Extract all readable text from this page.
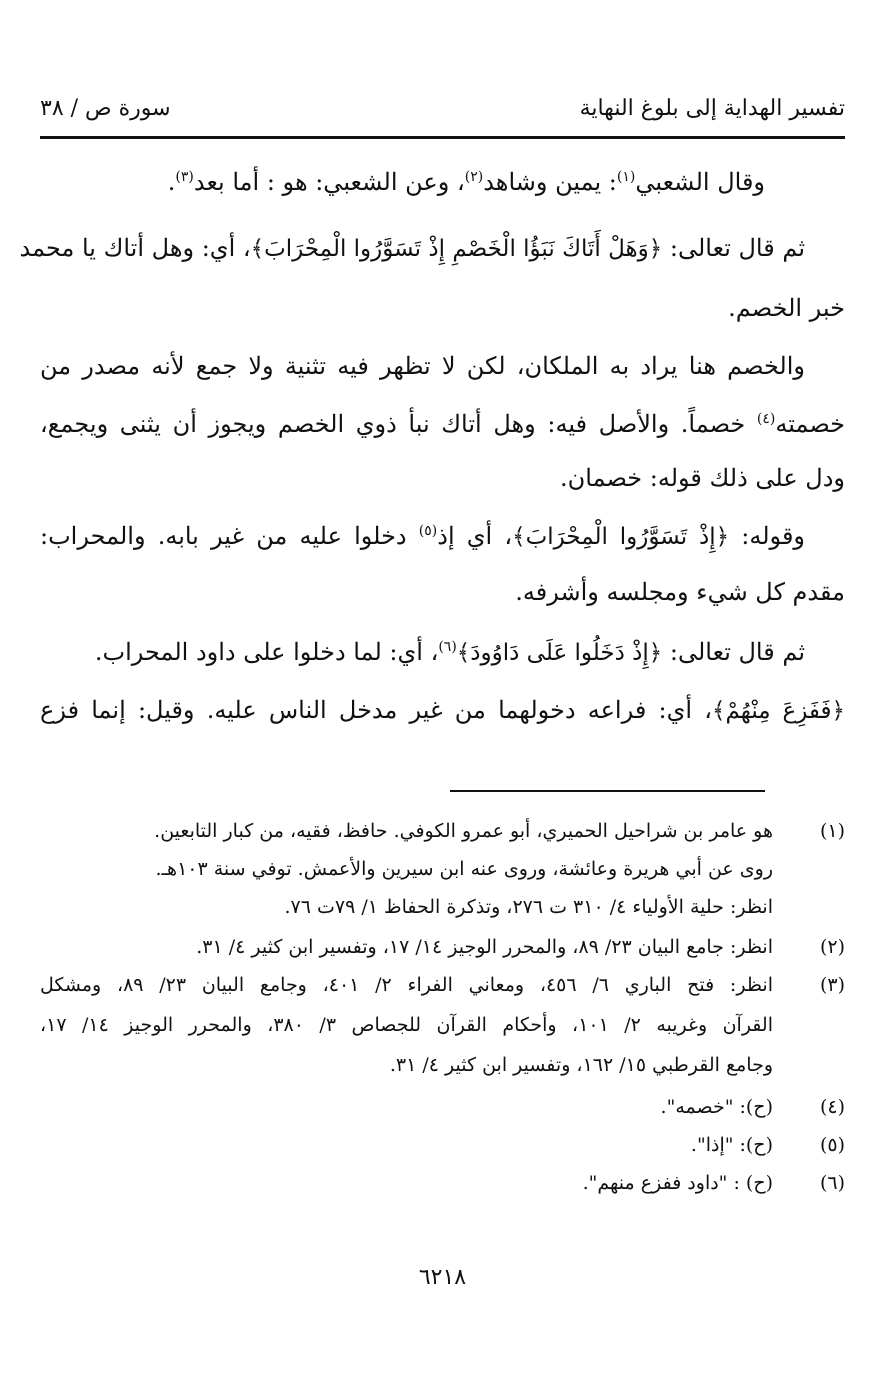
تفسير الهداية إلى بلوغ النهاية
سورة ص / ٣٨
وقال الشعبي$^{(١)}$: يمين وشاهد$^{(٢)}$، وعن الشعبي: هو : أما بعد$^{(٣)}$.
ثم قال تعالى: ﴿وَهَلْ أَتَاكَ نَبَؤُا الْخَصْمِ إِذْ تَسَوَّرُوا الْمِحْرَابَ﴾، أي: وهل أتاك يا محمد
خبر الخصم.
والخصم هنا يراد به الملكان، لكن لا تظهر فيه تثنية ولا جمع لأنه مصدر من
خصمته$^{(٤)}$ خصماً. والأصل فيه: وهل أتاك نبأ ذوي الخصم ويجوز أن يثنى ويجمع،
ودل على ذلك قوله: خصمان.
وقوله: ﴿إِذْ تَسَوَّرُوا الْمِحْرَابَ﴾، أي إذ$^{(٥)}$ دخلوا عليه من غير بابه. والمحراب:
مقدم كل شيء ومجلسه وأشرفه.
ثم قال تعالى: ﴿إِذْ دَخَلُوا عَلَى دَاوُودَ﴾$^{(٦)}$، أي: لما دخلوا على داود المحراب.
﴿فَفَزِعَ مِنْهُمْ﴾، أي: فراعه دخولهما من غير مدخل الناس عليه. وقيل: إنما فزع
(١)
هو عامر بن شراحيل الحميري، أبو عمرو الكوفي. حافظ، فقيه، من كبار التابعين.
روى عن أبي هريرة وعائشة، وروى عنه ابن سيرين والأعمش. توفي سنة ١٠٣هـ.
انظر: حلية الأولياء ٤/ ٣١٠ ت ٢٧٦، وتذكرة الحفاظ ١/ ٧٩ت ٧٦.
(٢)
انظر: جامع البيان ٢٣/ ٨٩، والمحرر الوجيز ١٤/ ١٧، وتفسير ابن كثير ٤/ ٣١.
(٣)
انظر: فتح الباري ٦/ ٤٥٦، ومعاني الفراء ٢/ ٤٠١، وجامع البيان ٢٣/ ٨٩، ومشكل
القرآن وغريبه ٢/ ١٠١، وأحكام القرآن للجصاص ٣/ ٣٨٠، والمحرر الوجيز ١٤/ ١٧،
وجامع القرطبي ١٥/ ١٦٢، وتفسير ابن كثير ٤/ ٣١.
(٤)
(ح): "خصمه".
(٥)
(ح): "إذا".
(٦)
(ح) : "داود ففزع منهم".
٦٢١٨
